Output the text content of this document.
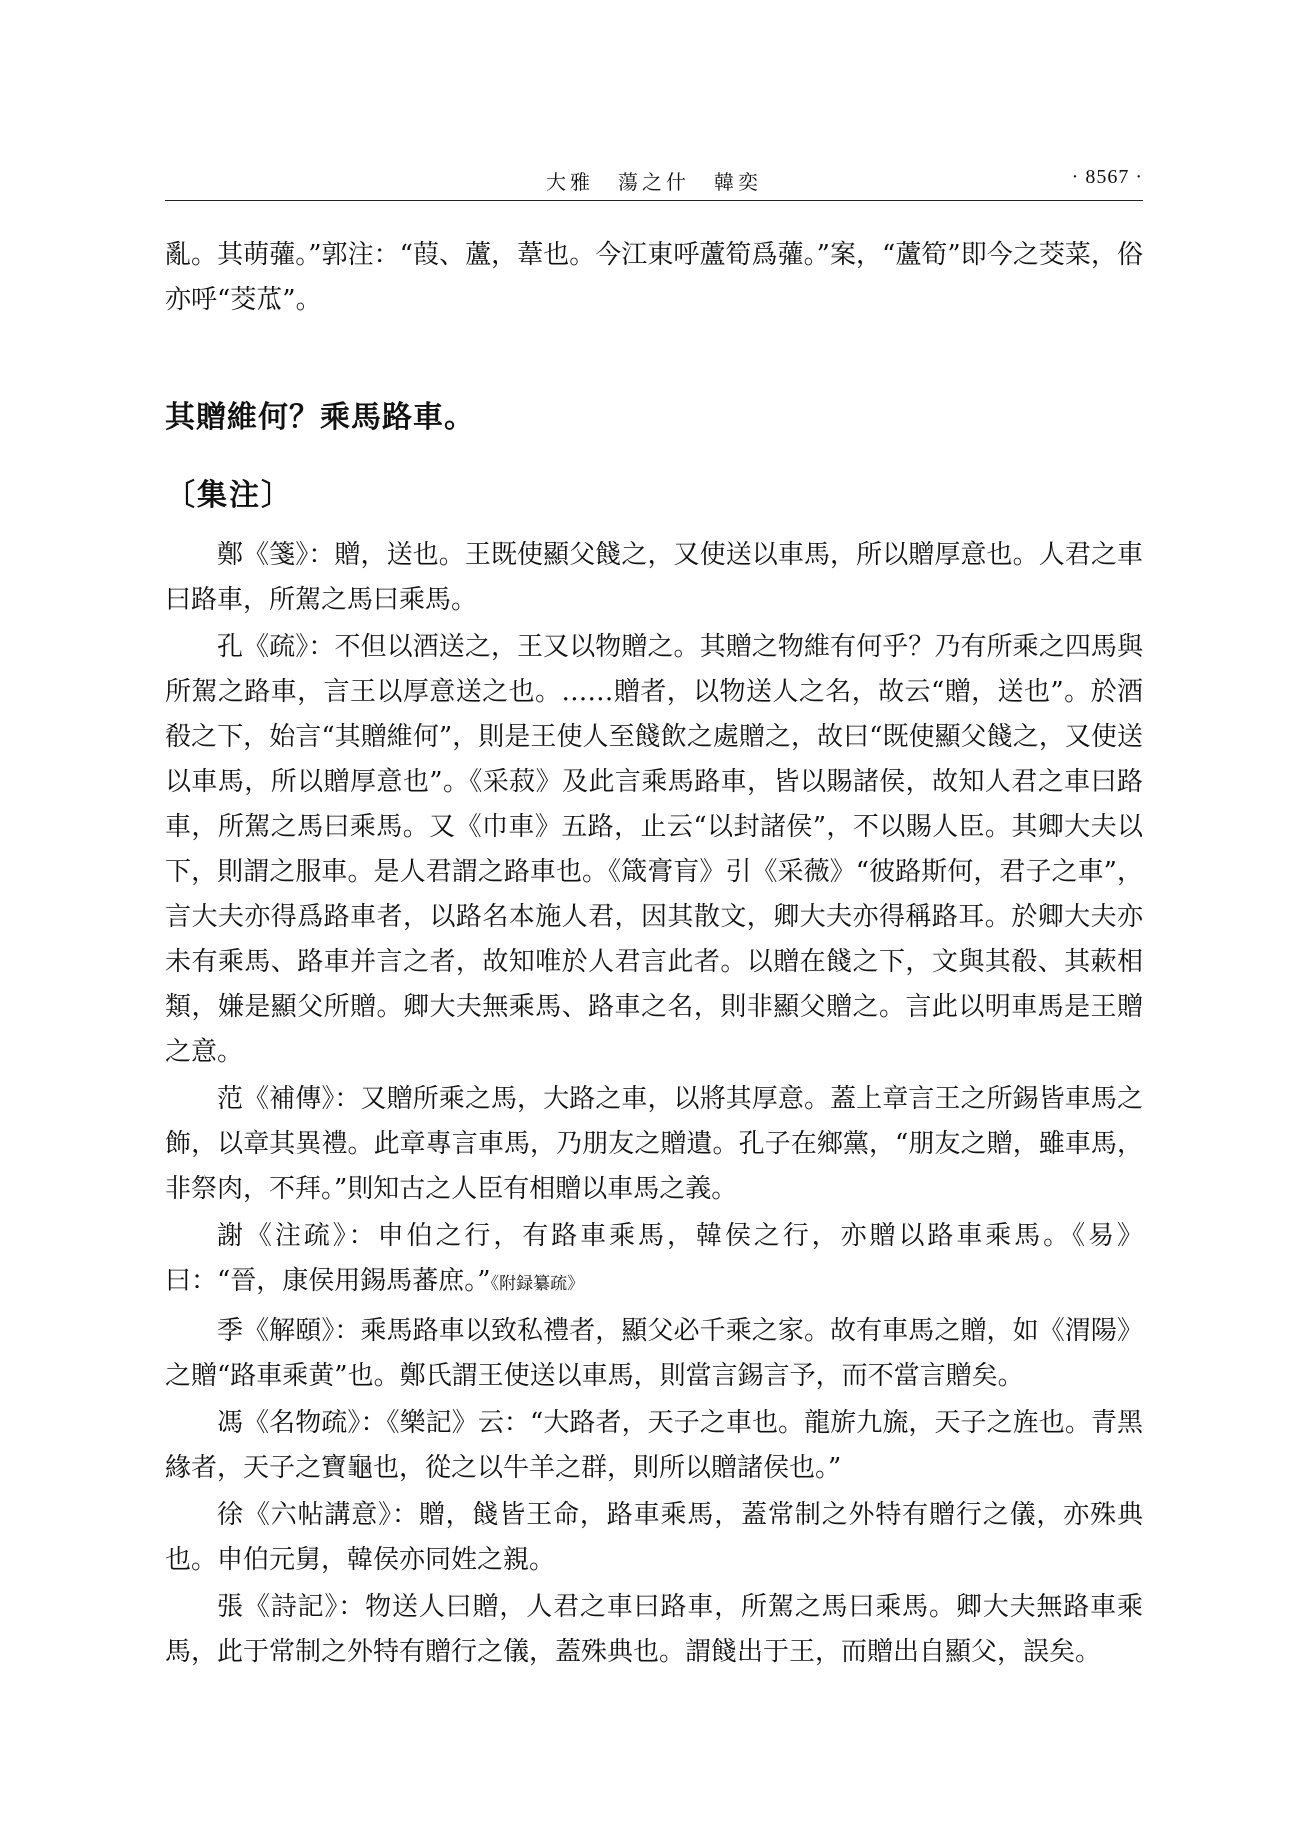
大雅　蕩之什　韓奕	· 8567 ·

亂。其萌虇。”郭注：“葭、蘆，葦也。今江東呼蘆筍爲虇。”案，“蘆筍”即今之茭菜，俗亦呼“茭苽”。

其贈維何？乘馬路車。
〔集注〕

鄭《箋》：贈，送也。王既使顯父餞之，又使送以車馬，所以贈厚意也。人君之車曰路車，所駕之馬曰乘馬。

孔《疏》：不但以酒送之，王又以物贈之。其贈之物維有何乎？乃有所乘之四馬與所駕之路車，言王以厚意送之也。……贈者，以物送人之名，故云“贈，送也”。於酒殽之下，始言“其贈維何”，則是王使人至餞飲之處贈之，故曰“既使顯父餞之，又使送以車馬，所以贈厚意也”。《采菽》及此言乘馬路車，皆以賜諸侯，故知人君之車曰路車，所駕之馬曰乘馬。又《巾車》五路，止云“以封諸侯”，不以賜人臣。其卿大夫以下，則謂之服車。是人君謂之路車也。《箴膏肓》引《采薇》“彼路斯何，君子之車”，言大夫亦得爲路車者，以路名本施人君，因其散文，卿大夫亦得稱路耳。於卿大夫亦未有乘馬、路車并言之者，故知唯於人君言此者。以贈在餞之下，文與其殽、其蔌相類，嫌是顯父所贈。卿大夫無乘馬、路車之名，則非顯父贈之。言此以明車馬是王贈之意。

范《補傳》：又贈所乘之馬，大路之車，以將其厚意。蓋上章言王之所錫皆車馬之飾，以章其異禮。此章專言車馬，乃朋友之贈遺。孔子在鄉黨，“朋友之贈，雖車馬，非祭肉，不拜。”則知古之人臣有相贈以車馬之義。

謝《注疏》：申伯之行，有路車乘馬，韓侯之行，亦贈以路車乘馬。《易》曰：“晉，康侯用錫馬蕃庶。”《附録纂疏》

季《解頤》：乘馬路車以致私禮者，顯父必千乘之家。故有車馬之贈，如《渭陽》之贈“路車乘黄”也。鄭氏謂王使送以車馬，則當言錫言予，而不當言贈矣。

馮《名物疏》：《樂記》云：“大路者，天子之車也。龍旂九旒，天子之旌也。青黑緣者，天子之寶龜也，從之以牛羊之群，則所以贈諸侯也。”

徐《六帖講意》：贈，餞皆王命，路車乘馬，蓋常制之外特有贈行之儀，亦殊典也。申伯元舅，韓侯亦同姓之親。

張《詩記》：物送人曰贈，人君之車曰路車，所駕之馬曰乘馬。卿大夫無路車乘馬，此于常制之外特有贈行之儀，蓋殊典也。謂餞出于王，而贈出自顯父，誤矣。
